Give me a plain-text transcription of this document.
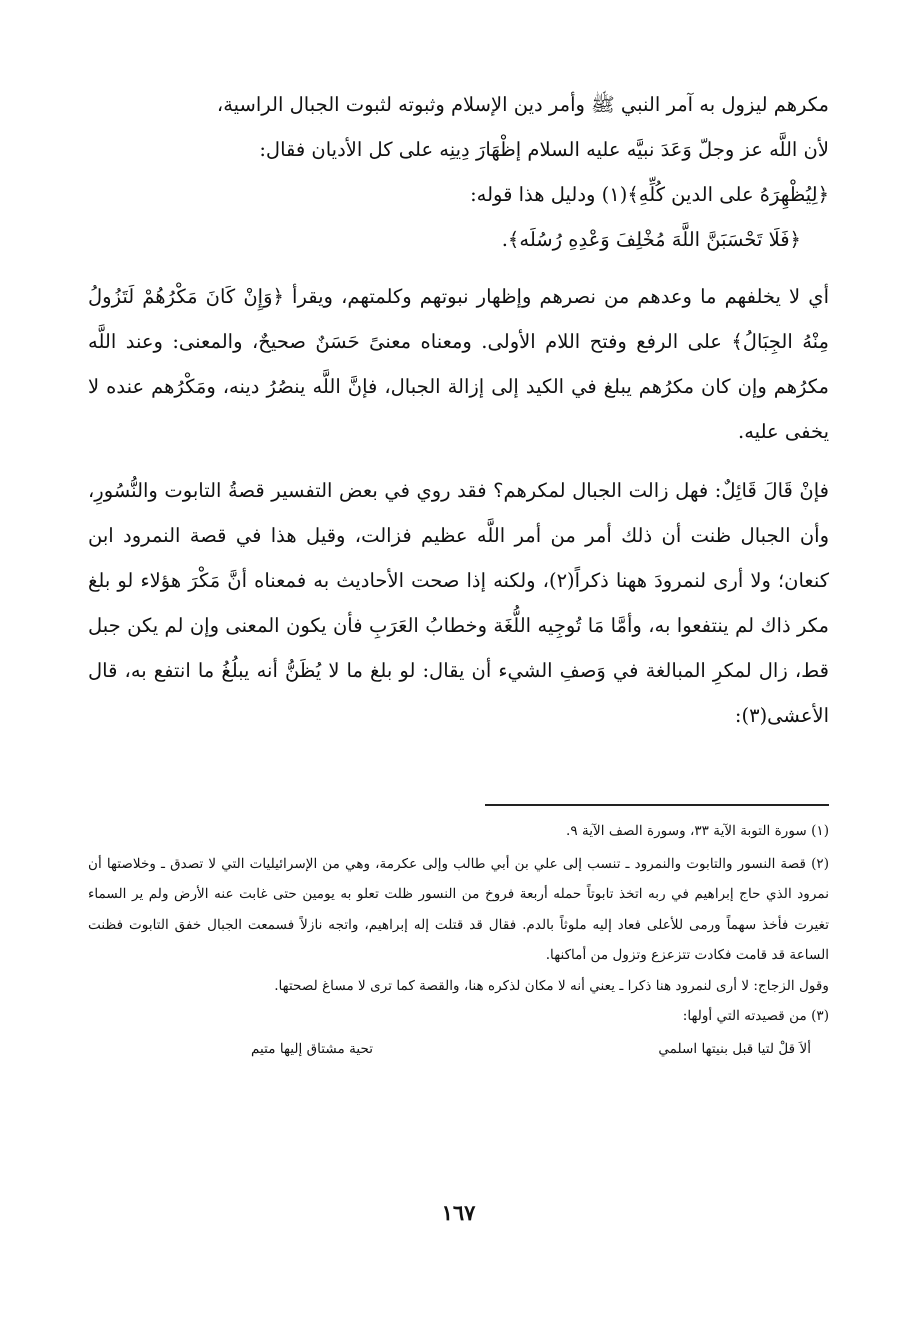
مكرهم ليزول به آمر النبي ﷺ وأمر دين الإسلام وثبوته لثبوت الجبال الراسية،
لأن اللَّه عز وجلّ وَعَدَ نبيَّه عليه السلام إظْهَارَ دِينِه على كل الأديان فقال:
﴿لِيُظْهِرَهُ على الدين كُلِّهِ﴾(١) ودليل هذا قوله:
﴿فَلَا تَحْسَبَنَّ اللَّهَ مُخْلِفَ وَعْدِهِ رُسُلَه﴾.

أي لا يخلفهم ما وعدهم من نصرهم وإظهار نبوتهم وكلمتهم، ويقرأ ﴿وَإِنْ كَانَ مَكْرُهُمْ لَتَزُولُ مِنْهُ الجِبَالُ﴾ على الرفع وفتح اللام الأولى. ومعناه معنىً حَسَنٌ صحيحٌ، والمعنى: وعند اللَّه مكرُهم وإن كان مكرُهم يبلغ في الكيد إلى إزالة الجبال، فإنَّ اللَّه ينصُرُ دينه، ومَكْرُهم عنده لا يخفى عليه.

فإنْ قَالَ قَائِلٌ: فهل زالت الجبال لمكرهم؟ فقد روي في بعض التفسير قصةُ التابوت والنُّسُورِ، وأن الجبال ظنت أن ذلك أمر من أمر اللَّه عظيم فزالت، وقيل هذا في قصة النمرود ابن كنعان؛ ولا أرى لنمرودَ ههنا ذكراً(٢)، ولكنه إذا صحت الأحاديث به فمعناه أنَّ مَكْرَ هؤلاء لو بلغ مكر ذاك لم ينتفعوا به، وأمَّا مَا تُوجِيه اللُّغَة وخطابُ العَرَبِ فأن يكون المعنى وإن لم يكن جبل قط، زال لمكرِ المبالغة في وَصفِ الشيء أن يقال: لو بلغ ما لا يُظَنُّ أنه يبلُغُ ما انتفع به، قال الأعشى(٣):

(١) سورة التوبة الآية ٣٣، وسورة الصف الآية ٩.

(٢) قصة النسور والتابوت والنمرود ـ تنسب إلى علي بن أبي طالب وإلى عكرمة، وهي من الإسرائيليات التي لا تصدق ـ وخلاصتها أن نمرود الذي حاج إبراهيم في ربه اتخذ تابوتاً حمله أربعة فروخ من النسور ظلت تعلو به يومين حتى غابت عنه الأرض ولم ير السماء تغيرت فأخذ سهماً ورمى للأعلى فعاد إليه ملوثاً بالدم. فقال قد قتلت إله إبراهيم، واتجه نازلاً فسمعت الجبال خفق التابوت فظنت الساعة قد قامت فكادت تتزعزع وتزول من أماكنها.

وقول الزجاج: لا أرى لنمرود هنا ذكرا ـ يعني أنه لا مكان لذكره هنا، والقصة كما ترى لا مساغ لصحتها.

(٣) من قصيدته التي أولها:

ألاَ قلْ لتيا قبل بنيتها اسلمي
تحية مشتاق إليها متيم
١٦٧
